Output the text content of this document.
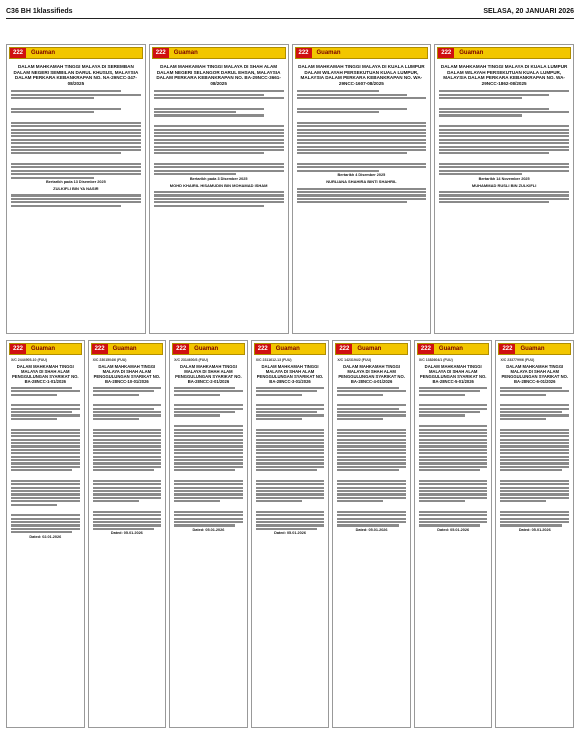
C36 BH 1klassifieds	SELASA, 20 JANUARI 2026
222	Guaman
DALAM MAHKAMAH TINGGI MALAYA DI SEREMBAN DALAM NEGERI SEMBILAN DARUL KHUSUS, MALAYSIA DALAM PERKARA KEBANKRAPAN NO. NA-29NCC-347-08/2025
Bertarikh pada 13 Disember 2025
ZULKIFLI BIN YA NASIR
222	Guaman
DALAM MAHKAMAH TINGGI MALAYA DI SHAH ALAM DALAM NEGERI SELANGOR DARUL EHSAN, MALAYSIA DALAM PERKARA KEBANKRAPAN NO. BA-29NCC-3661-08/2025
Bertarikh pada 3 Disember 2025
MOHD KHAIRIL HISAMUDIN BIN MOHAMAD ISHAM
222	Guaman
DALAM MAHKAMAH TINGGI MALAYA DI KUALA LUMPUR DALAM WILAYAH PERSEKUTUAN KUALA LUMPUR, MALAYSIA DALAM PERKARA KEBANKRAPAN NO. WA-29NCC-1607-08/2025
Bertarikh 4 Disember 2025
NURLIANA SHAHIRA BINTI SHAHRIL
222	Guaman
DALAM MAHKAMAH TINGGI MALAYA DI KUALA LUMPUR DALAM WILAYAH PERSEKUTUAN KUALA LUMPUR, MALAYSIA DALAM PERKARA KEBANKRAPAN NO. WA-29NCC-1862-08/2025
Bertarikh 14 November 2025
MUHAMMAD RUSLI BIN ZULKIFLI
222	Guaman
X/C 2444905-10 (FUU)
DALAM MAHKAMAH TINGGI MALAYA DI SHAH ALAM PENGGULUNGAN SYARIKAT NO. BA-28NCC-1-01/2026
Dated: 02.01.2026
222	Guaman
X/C 2301504/6 (FUU)
DALAM MAHKAMAH TINGGI MALAYA DI SHAH ALAM PENGGULUNGAN SYARIKAT NO. BA-28NCC-10-01/2026
Dated: 05.01.2026
222	Guaman
X/C 2314600/3 (FUU)
DALAM MAHKAMAH TINGGI MALAYA DI SHAH ALAM PENGGULUNGAN SYARIKAT NO. BA-28NCC-2-01/2026
Dated: 05.01.2026
222	Guaman
X/C 2311612-13 (FUU)
DALAM MAHKAMAH TINGGI MALAYA DI SHAH ALAM PENGGULUNGAN SYARIKAT NO. BA-28NCC-3-01/2026
Dated: 05.01.2026
222	Guaman
X/C 1423194/2 (FUU)
DALAM MAHKAMAH TINGGI MALAYA DI SHAH ALAM PENGGULUNGAN SYARIKAT NO. BA-28NCC-4-01/2026
Dated: 05.01.2026
222	Guaman
X/C 1382604/1 (FUU)
DALAM MAHKAMAH TINGGI MALAYA DI SHAH ALAM PENGGULUNGAN SYARIKAT NO. BA-28NCC-5-01/2026
Dated: 05.01.2026
222	Guaman
X/C 2337799/6 (FUU)
DALAM MAHKAMAH TINGGI MALAYA DI SHAH ALAM PENGGULUNGAN SYARIKAT NO. BA-28NCC-6-01/2026
Dated: 05.01.2026
